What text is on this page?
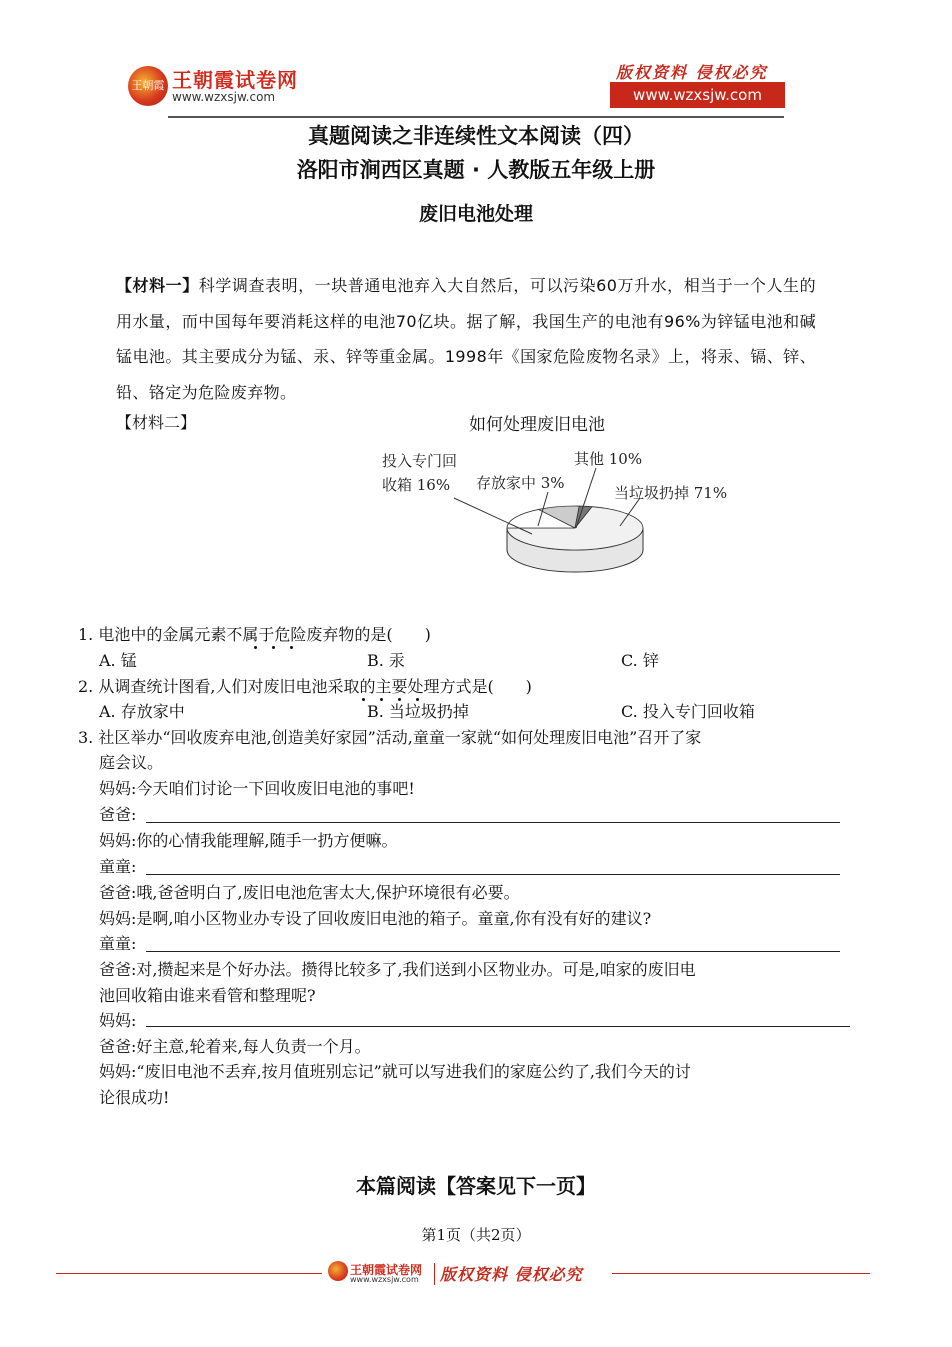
王朝霞 王朝霞试卷网
www.wzxsjw.com
版权资料 侵权必究
www.wzxsjw.com
真题阅读之非连续性文本阅读（四）
洛阳市涧西区真题 · 人教版五年级上册
废旧电池处理
【材料一】科学调查表明，一块普通电池弃入大自然后，可以污染60万升水，相当于一个人生的用水量，而中国每年要消耗这样的电池70亿块。据了解，我国生产的电池有96%为锌锰电池和碱锰电池。其主要成分为锰、汞、锌等重金属。1998年《国家危险废物名录》上，将汞、镉、锌、铅、铬定为危险废弃物。
【材料二】	如何处理废旧电池
投入专门回
收箱 16% 存放家中 3%
其他 10%
当垃圾扔掉 71%
1. 电池中的金属元素不属于危险废弃物的是(　　)
A. 锰	B. 汞	C. 锌
2. 从调查统计图看,人们对废旧电池采取的主要处理方式是(　　)
A. 存放家中	B. 当垃圾扔掉	C. 投入专门回收箱
3. 社区举办“回收废弃电池,创造美好家园”活动,童童一家就“如何处理废旧电池”召开了家
庭会议。
妈妈:今天咱们讨论一下回收废旧电池的事吧!
爸爸:
妈妈:你的心情我能理解,随手一扔方便嘛。
童童:
爸爸:哦,爸爸明白了,废旧电池危害太大,保护环境很有必要。
妈妈:是啊,咱小区物业办专设了回收废旧电池的箱子。童童,你有没有好的建议?
童童:
爸爸:对,攒起来是个好办法。攒得比较多了,我们送到小区物业办。可是,咱家的废旧电
池回收箱由谁来看管和整理呢?
妈妈:
爸爸:好主意,轮着来,每人负责一个月。
妈妈:“废旧电池不丢弃,按月值班别忘记”就可以写进我们的家庭公约了,我们今天的讨
论很成功!
本篇阅读【答案见下一页】
第1页（共2页）
王朝霞试卷网
www.wzxsjw.com 版权资料 侵权必究
